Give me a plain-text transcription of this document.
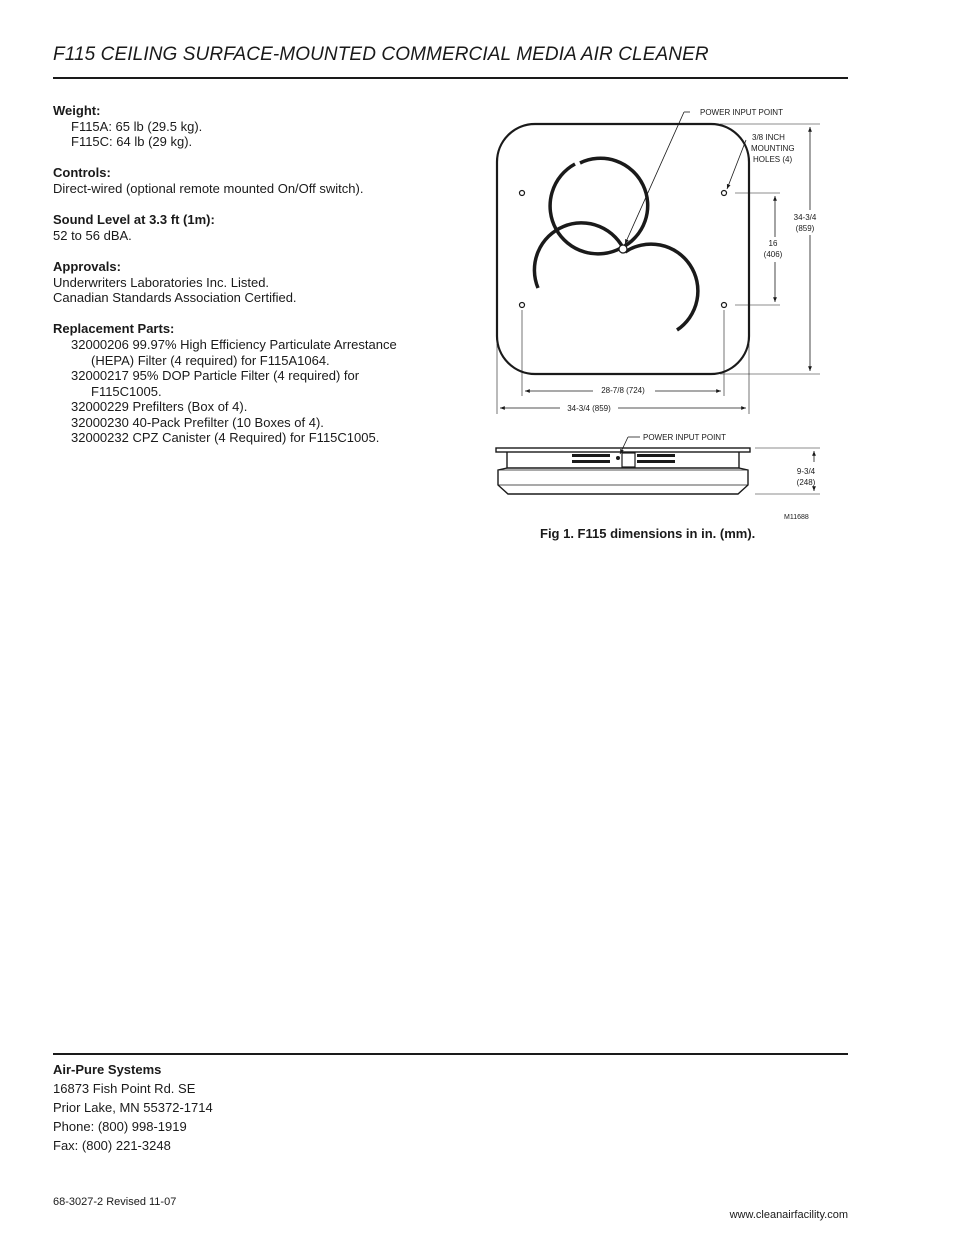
F115 CEILING SURFACE-MOUNTED COMMERCIAL MEDIA AIR CLEANER
Weight:
F115A: 65 lb (29.5 kg).
F115C: 64 lb (29 kg).
Controls:
Direct-wired (optional remote mounted On/Off switch).
Sound Level at 3.3 ft (1m):
52 to 56 dBA.
Approvals:
Underwriters Laboratories Inc. Listed.
Canadian Standards Association Certified.
Replacement Parts:
32000206 99.97% High Efficiency Particulate Arrestance
(HEPA) Filter (4 required) for F115A1064.
32000217 95% DOP Particle Filter (4 required) for
F115C1005.
32000229 Prefilters (Box of 4).
32000230 40-Pack Prefilter (10 Boxes of 4).
32000232 CPZ Canister (4 Required) for F115C1005.
POWER INPUT POINT
3/8 INCH
MOUNTING
HOLES (4)
16
(406)
34-3/4
(859)
28-7/8 (724)
34-3/4 (859)
POWER INPUT POINT
9-3/4
(248)
M11688

Fig 1. F115 dimensions in in. (mm).

Air-Pure Systems
16873 Fish Point Rd. SE
Prior Lake, MN 55372-1714
Phone: (800) 998-1919
Fax: (800) 221-3248
68-3027-2 Revised 11-07
www.cleanairfacility.com
